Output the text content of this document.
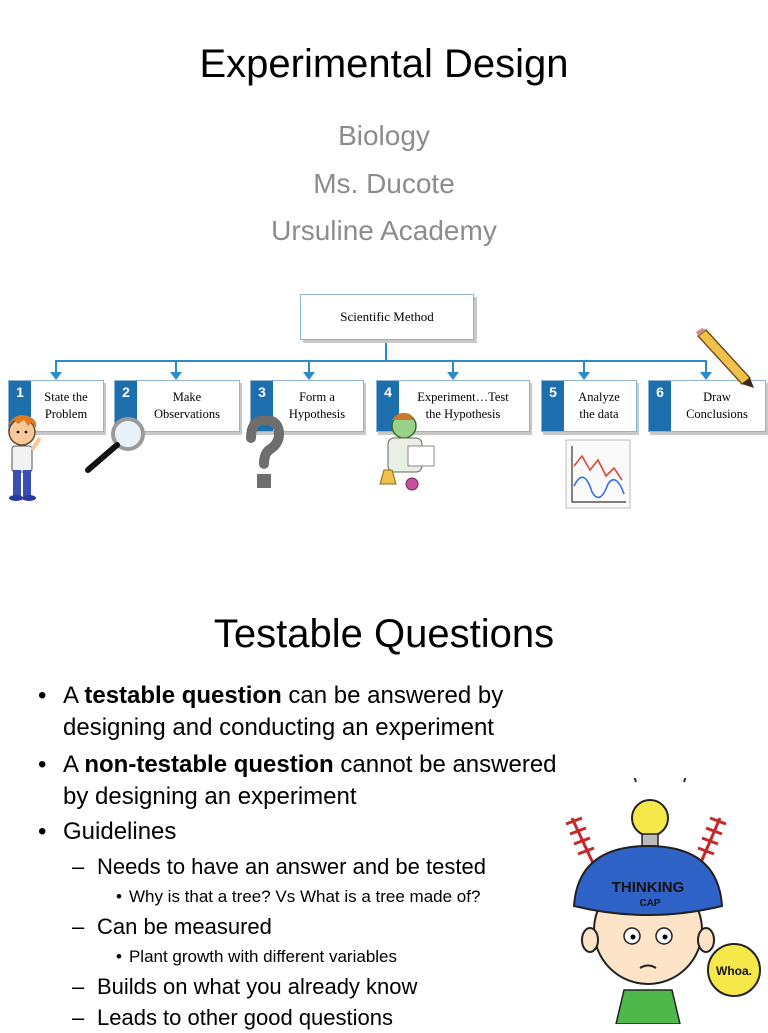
Experimental Design
Biology
Ms. Ducote
Ursuline Academy
Scientific Method
1	State the
Problem
2	Make
Observations
3	Form a
Hypothesis
4	Experiment…Test
the Hypothesis
5	Analyze
the data
6	Draw
Conclusions
Testable Questions
• A testable question can be answered by designing and conducting an experiment
• A non-testable question cannot be answered by designing an experiment
• Guidelines
– Needs to have an answer and be tested
• Why is that a tree? Vs What is a tree made of?
– Can be measured
• Plant growth with different variables
– Builds on what you already know
– Leads to other good questions
THINKING
CAP
Whoa.
